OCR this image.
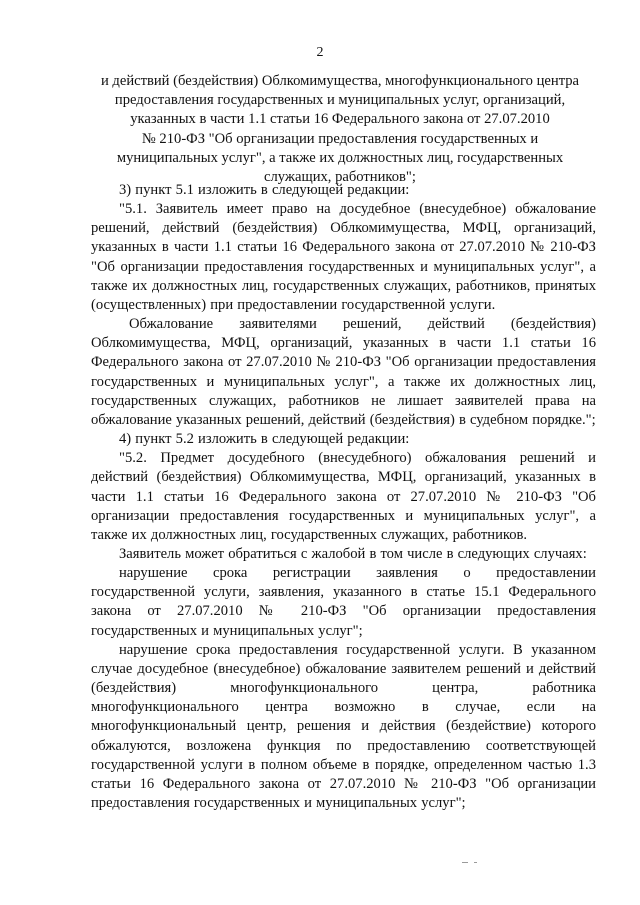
2
и действий (бездействия) Облкомимущества, многофункционального центра
предоставления государственных и муниципальных услуг, организаций,
указанных в части 1.1 статьи 16 Федерального закона от 27.07.2010
№ 210-ФЗ "Об организации предоставления государственных и
муниципальных услуг", а также их должностных лиц, государственных
служащих, работников";

3) пункт 5.1 изложить в следующей редакции:

"5.1. Заявитель имеет право на досудебное (внесудебное) обжалование решений, действий (бездействия) Облкомимущества, МФЦ, организаций, указанных в части 1.1 статьи 16 Федерального закона от 27.07.2010 № 210-ФЗ "Об организации предоставления государственных и муниципальных услуг", а также их должностных лиц, государственных служащих, работников, принятых (осуществленных) при предоставлении государственной услуги.

Обжалование заявителями решений, действий (бездействия) Облкомимущества, МФЦ, организаций, указанных в части 1.1 статьи 16 Федерального закона от 27.07.2010 № 210-ФЗ "Об организации предоставления государственных и муниципальных услуг", а также их должностных лиц, государственных служащих, работников не лишает заявителей права на обжалование указанных решений, действий (бездействия) в судебном порядке.";

4) пункт 5.2 изложить в следующей редакции:

"5.2. Предмет досудебного (внесудебного) обжалования решений и действий (бездействия) Облкомимущества, МФЦ, организаций, указанных в части 1.1 статьи 16 Федерального закона от 27.07.2010 № 210-ФЗ "Об организации предоставления государственных и муниципальных услуг", а также их должностных лиц, государственных служащих, работников.

Заявитель может обратиться с жалобой в том числе в следующих случаях:

нарушение срока регистрации заявления о предоставлении государственной услуги, заявления, указанного в статье 15.1 Федерального закона от 27.07.2010 № 210-ФЗ "Об организации предоставления государственных и муниципальных услуг";

нарушение срока предоставления государственной услуги. В указанном случае досудебное (внесудебное) обжалование заявителем решений и действий (бездействия) многофункционального центра, работника многофункционального центра возможно в случае, если на многофункциональный центр, решения и действия (бездействие) которого обжалуются, возложена функция по предоставлению соответствующей государственной услуги в полном объеме в порядке, определенном частью 1.3 статьи 16 Федерального закона от 27.07.2010 № 210-ФЗ "Об организации предоставления государственных и муниципальных услуг";
